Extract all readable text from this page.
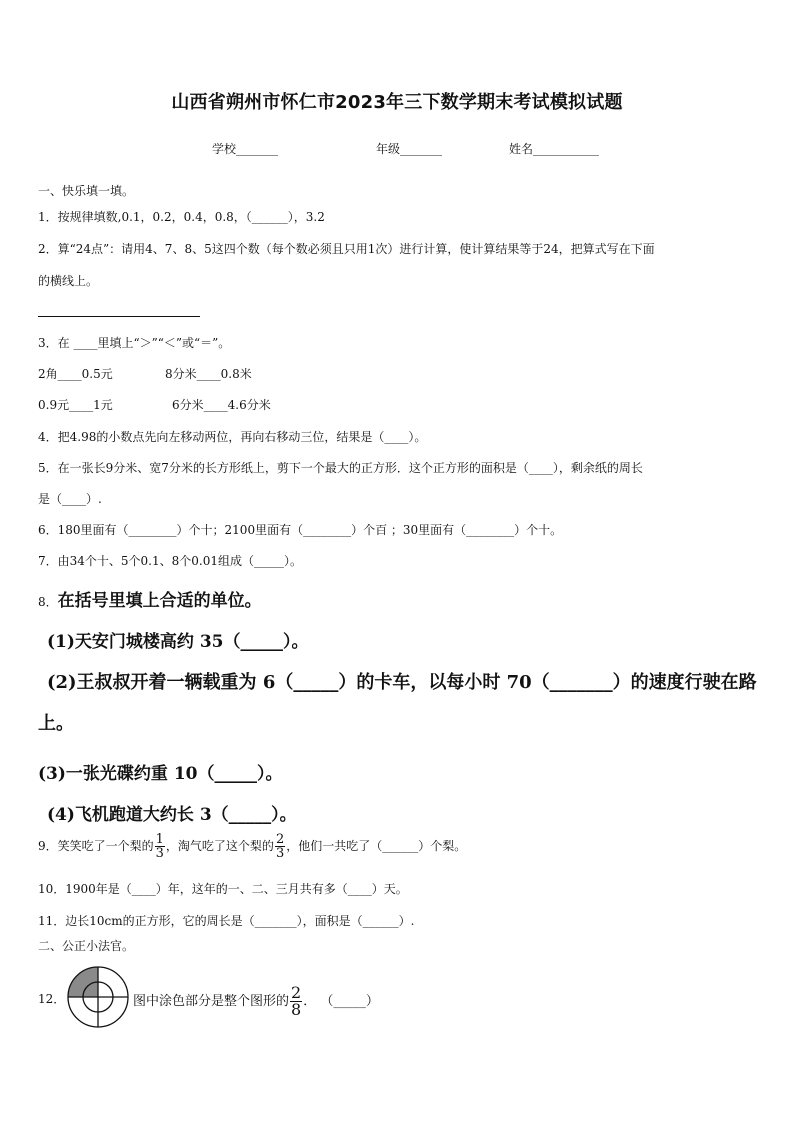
山西省朔州市怀仁市2023年三下数学期末考试模拟试题
学校_______	年级_______	姓名___________
一、快乐填一填。
1．按规律填数,0.1，0.2，0.4，0.8，（______），3.2
2．算“24点”：请用4、7、8、5这四个数（每个数必须且只用1次）进行计算，使计算结果等于24，把算式写在下面
的横线上。
3．在 ____里填上“＞”“＜”或“＝”。
2角____0.5元	8分米____0.8米
0.9元____1元	6分米____4.6分米
4．把4.98的小数点先向左移动两位，再向右移动三位，结果是（____）。
5．在一张长9分米、宽7分米的长方形纸上，剪下一个最大的正方形．这个正方形的面积是（____），剩余纸的周长
是（____）.
6．180里面有（________）个十；2100里面有（________）个百 ；30里面有（________）个十。
7．由34个十、5个0.1、8个0.01组成（_____）。
8．在括号里填上合适的单位。
(1)天安门城楼高约 35（_____）。
(2)王叔叔开着一辆载重为 6（_____）的卡车，以每小时 70（_______）的速度行驶在路
上。
(3)一张光碟约重 10（_____）。
(4)飞机跑道大约长 3（_____）。
9．笑笑吃了一个梨的 $\frac{1}{3}$ ，淘气吃了这个梨的 $\frac{2}{3}$ ，他们一共吃了（______）个梨。
10．1900年是（____）年，这年的一、二、三月共有多（____）天。
11．边长10cm的正方形，它的周长是（_______），面积是（______）.
二、公正小法官。
12．	图中涂色部分是整个图形的 $\frac{2}{8}$ ． （_____）
